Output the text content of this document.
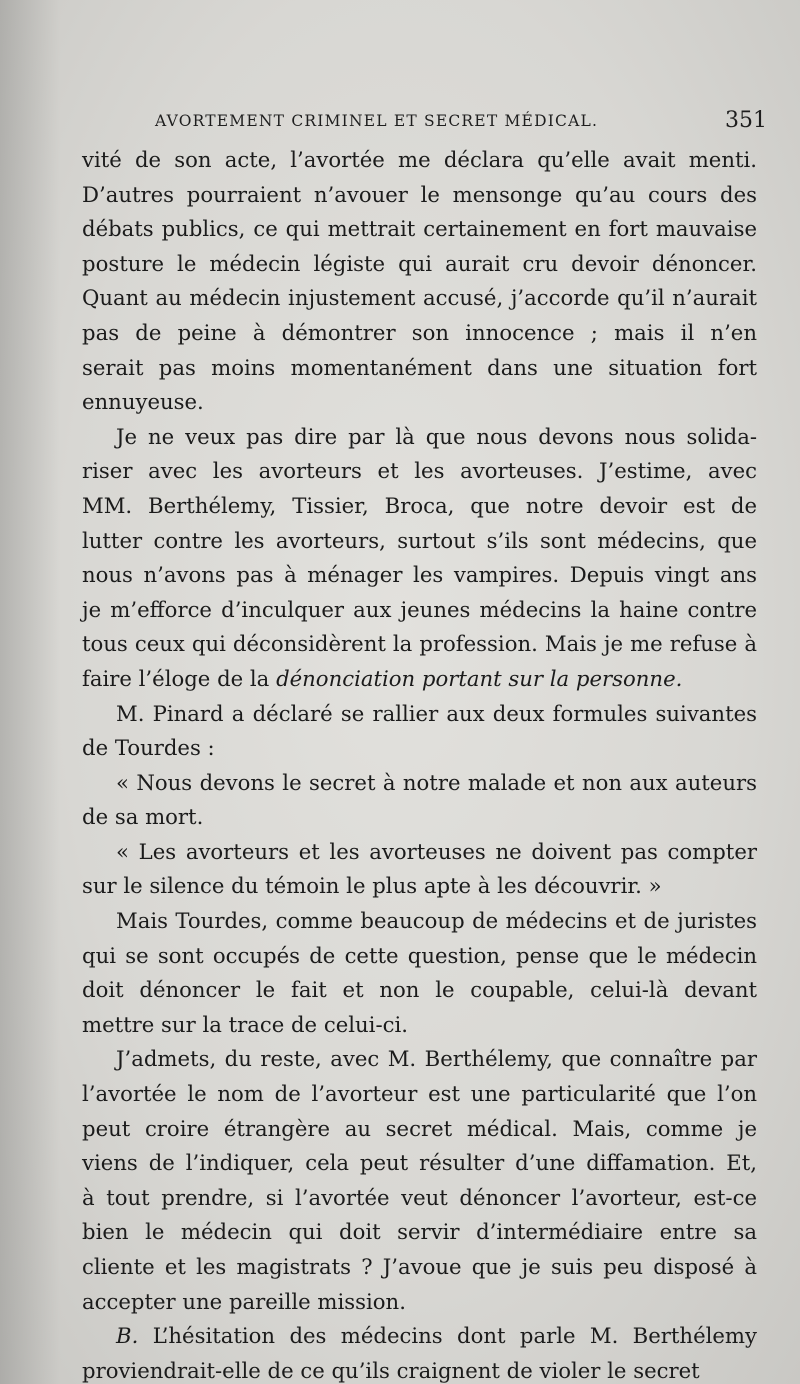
AVORTEMENT CRIMINEL ET SECRET MÉDICAL.	351
vité de son acte, l’avortée me déclara qu’elle avait menti.
D’autres pourraient n’avouer le mensonge qu’au cours des
débats publics, ce qui mettrait certainement en fort mauvaise
posture le médecin légiste qui aurait cru devoir dénoncer.
Quant au médecin injustement accusé, j’accorde qu’il n’aurait
pas de peine à démontrer son innocence ; mais il n’en
serait pas moins momentanément dans une situation fort
ennuyeuse.
Je ne veux pas dire par là que nous devons nous solida-
riser avec les avorteurs et les avorteuses. J’estime, avec
MM. Berthélemy, Tissier, Broca, que notre devoir est de
lutter contre les avorteurs, surtout s’ils sont médecins, que
nous n’avons pas à ménager les vampires. Depuis vingt ans
je m’efforce d’inculquer aux jeunes médecins la haine contre
tous ceux qui déconsidèrent la profession. Mais je me refuse à
faire l’éloge de la dénonciation portant sur la personne.
M. Pinard a déclaré se rallier aux deux formules suivantes
de Tourdes :
« Nous devons le secret à notre malade et non aux auteurs
de sa mort.
« Les avorteurs et les avorteuses ne doivent pas compter
sur le silence du témoin le plus apte à les découvrir. »
Mais Tourdes, comme beaucoup de médecins et de juristes
qui se sont occupés de cette question, pense que le médecin
doit dénoncer le fait et non le coupable, celui-là devant
mettre sur la trace de celui-ci.
J’admets, du reste, avec M. Berthélemy, que connaître par
l’avortée le nom de l’avorteur est une particularité que l’on
peut croire étrangère au secret médical. Mais, comme je
viens de l’indiquer, cela peut résulter d’une diffamation. Et,
à tout prendre, si l’avortée veut dénoncer l’avorteur, est-ce
bien le médecin qui doit servir d’intermédiaire entre sa
cliente et les magistrats ? J’avoue que je suis peu disposé à
accepter une pareille mission.
B. L’hésitation des médecins dont parle M. Berthélemy
proviendrait-elle de ce qu’ils craignent de violer le secret
